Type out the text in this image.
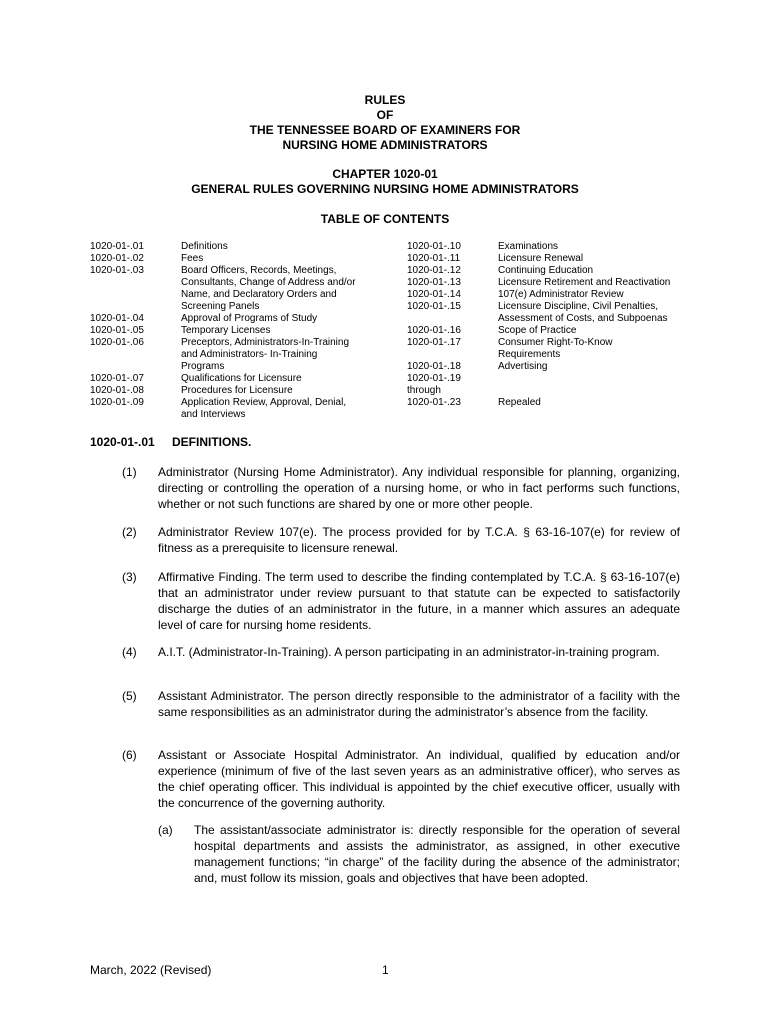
RULES
OF
THE TENNESSEE BOARD OF EXAMINERS FOR
NURSING HOME ADMINISTRATORS
CHAPTER 1020-01
GENERAL RULES GOVERNING NURSING HOME ADMINISTRATORS
TABLE OF CONTENTS
1020-01-.01
1020-01-.02
1020-01-.03

1020-01-.04
1020-01-.05
1020-01-.06

1020-01-.07
1020-01-.08
1020-01-.09

Definitions
Fees
Board Officers, Records, Meetings,
Consultants, Change of Address and/or
Name, and Declaratory Orders and
Screening Panels
Approval of Programs of Study
Temporary Licenses
Preceptors, Administrators-In-Training
and Administrators- In-Training
Programs
Qualifications for Licensure
Procedures for Licensure
Application Review, Approval, Denial,
and Interviews
1020-01-.10
1020-01-.11
1020-01-.12
1020-01-.13
1020-01-.14
1020-01-.15

1020-01-.16
1020-01-.17

1020-01-.18
1020-01-.19
through
1020-01-.23
Examinations
Licensure Renewal
Continuing Education
Licensure Retirement and Reactivation
107(e) Administrator Review
Licensure Discipline, Civil Penalties,
Assessment of Costs, and Subpoenas
Scope of Practice
Consumer Right-To-Know
Requirements
Advertising

Repealed
1020-01-.01 DEFINITIONS.
(1) Administrator (Nursing Home Administrator). Any individual responsible for planning, organizing, directing or controlling the operation of a nursing home, or who in fact performs such functions, whether or not such functions are shared by one or more other people.
(2) Administrator Review 107(e). The process provided for by T.C.A. § 63-16-107(e) for review of fitness as a prerequisite to licensure renewal.
(3) Affirmative Finding. The term used to describe the finding contemplated by T.C.A. § 63-16-107(e) that an administrator under review pursuant to that statute can be expected to satisfactorily discharge the duties of an administrator in the future, in a manner which assures an adequate level of care for nursing home residents.
(4) A.I.T. (Administrator-In-Training). A person participating in an administrator-in-training program.
(5) Assistant Administrator. The person directly responsible to the administrator of a facility with the same responsibilities as an administrator during the administrator’s absence from the facility.
(6) Assistant or Associate Hospital Administrator. An individual, qualified by education and/or experience (minimum of five of the last seven years as an administrative officer), who serves as the chief operating officer. This individual is appointed by the chief executive officer, usually with the concurrence of the governing authority.
(a) The assistant/associate administrator is: directly responsible for the operation of several hospital departments and assists the administrator, as assigned, in other executive management functions; “in charge” of the facility during the absence of the administrator; and, must follow its mission, goals and objectives that have been adopted.
March, 2022 (Revised)	1
